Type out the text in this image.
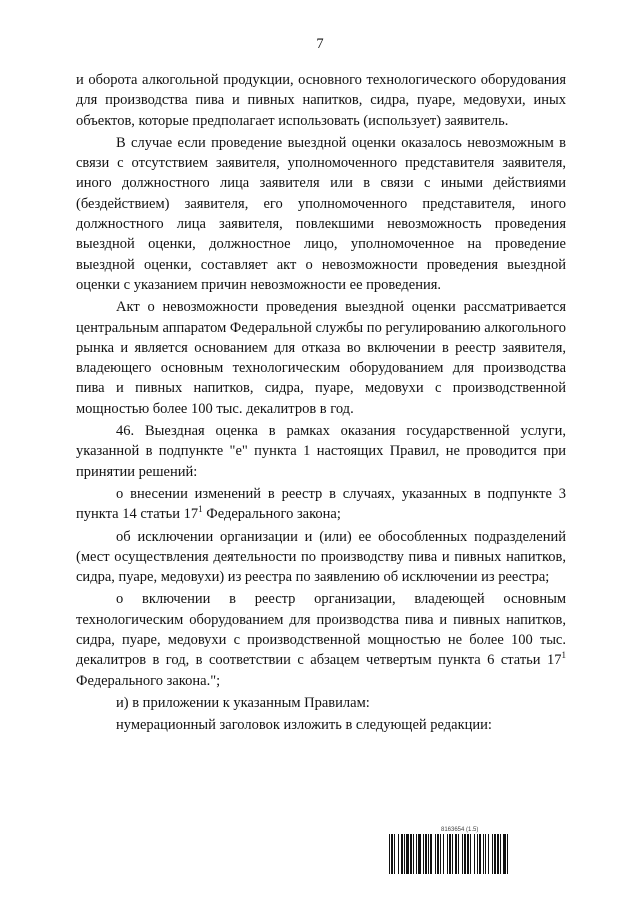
7

и оборота алкогольной продукции, основного технологического оборудования для производства пива и пивных напитков, сидра, пуаре, медовухи, иных объектов, которые предполагает использовать (использует) заявитель.

В случае если проведение выездной оценки оказалось невозможным в связи с отсутствием заявителя, уполномоченного представителя заявителя, иного должностного лица заявителя или в связи с иными действиями (бездействием) заявителя, его уполномоченного представителя, иного должностного лица заявителя, повлекшими невозможность проведения выездной оценки, должностное лицо, уполномоченное на проведение выездной оценки, составляет акт о невозможности проведения выездной оценки с указанием причин невозможности ее проведения.

Акт о невозможности проведения выездной оценки рассматривается центральным аппаратом Федеральной службы по регулированию алкогольного рынка и является основанием для отказа во включении в реестр заявителя, владеющего основным технологическим оборудованием для производства пива и пивных напитков, сидра, пуаре, медовухи с производственной мощностью более 100 тыс. декалитров в год.

46. Выездная оценка в рамках оказания государственной услуги, указанной в подпункте "е" пункта 1 настоящих Правил, не проводится при принятии решений:

о внесении изменений в реестр в случаях, указанных в подпункте 3 пункта 14 статьи $17^1$ Федерального закона;

об исключении организации и (или) ее обособленных подразделений (мест осуществления деятельности по производству пива и пивных напитков, сидра, пуаре, медовухи) из реестра по заявлению об исключении из реестра;

о включении в реестр организации, владеющей основным технологическим оборудованием для производства пива и пивных напитков, сидра, пуаре, медовухи с производственной мощностью не более 100 тыс. декалитров в год, в соответствии с абзацем четвертым пункта 6 статьи $17^1$ Федерального закона.";

и) в приложении к указанным Правилам:

нумерационный заголовок изложить в следующей редакции:

8163654 (1.5)
